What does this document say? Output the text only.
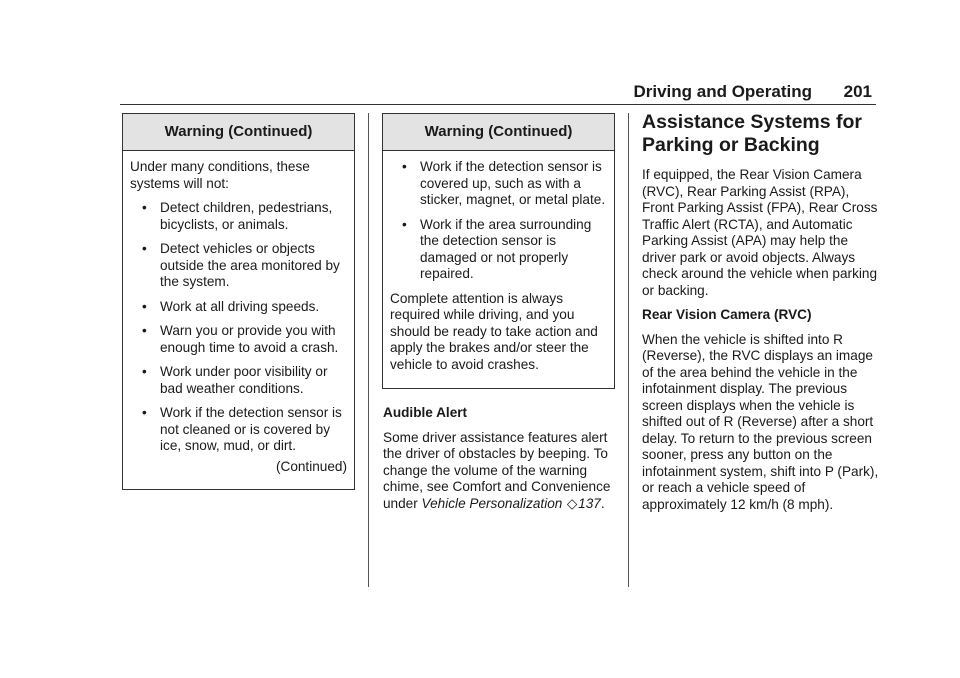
Driving and Operating 201
Warning (Continued)

Under many conditions, these systems will not:

• Detect children, pedestrians, bicyclists, or animals.
• Detect vehicles or objects outside the area monitored by the system.
• Work at all driving speeds.
• Warn you or provide you with enough time to avoid a crash.
• Work under poor visibility or bad weather conditions.
• Work if the detection sensor is not cleaned or is covered by ice, snow, mud, or dirt.
(Continued)
Warning (Continued)
• Work if the detection sensor is covered up, such as with a sticker, magnet, or metal plate.
• Work if the area surrounding the detection sensor is damaged or not properly repaired.

Complete attention is always required while driving, and you should be ready to take action and apply the brakes and/or steer the vehicle to avoid crashes.

Audible Alert

Some driver assistance features alert the driver of obstacles by beeping. To change the volume of the warning chime, see Comfort and Convenience under Vehicle Personalization ◇137.

Assistance Systems for Parking or Backing

If equipped, the Rear Vision Camera (RVC), Rear Parking Assist (RPA), Front Parking Assist (FPA), Rear Cross Traffic Alert (RCTA), and Automatic Parking Assist (APA) may help the driver park or avoid objects. Always check around the vehicle when parking or backing.

Rear Vision Camera (RVC)

When the vehicle is shifted into R (Reverse), the RVC displays an image of the area behind the vehicle in the infotainment display. The previous screen displays when the vehicle is shifted out of R (Reverse) after a short delay. To return to the previous screen sooner, press any button on the infotainment system, shift into P (Park), or reach a vehicle speed of approximately 12 km/h (8 mph).
